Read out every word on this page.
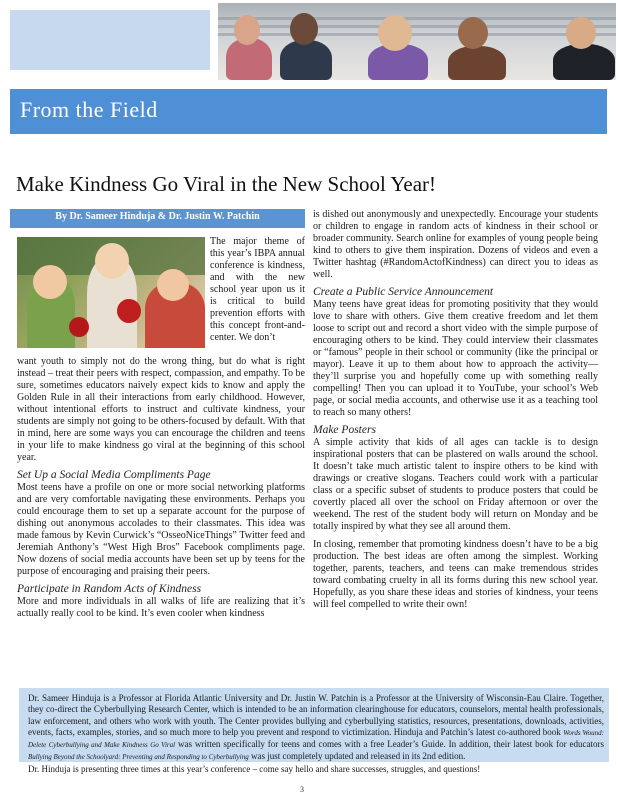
From the Field
Make Kindness Go Viral in the New School Year!
By Dr. Sameer Hinduja & Dr. Justin W. Patchin

The major theme of this year’s IBPA annual conference is kindness, and with the new school year upon us it is critical to build prevention efforts with this concept front-and-center. We don’t

want youth to simply not do the wrong thing, but do what is right instead – treat their peers with respect, compassion, and empathy. To be sure, sometimes educators naively expect kids to know and apply the Golden Rule in all their interactions from early childhood. However, without intentional efforts to instruct and cultivate kindness, your students are simply not going to be others-focused by default. With that in mind, here are some ways you can encourage the children and teens in your life to make kindness go viral at the beginning of this school year.

Set Up a Social Media Compliments Page

Most teens have a profile on one or more social networking platforms and are very comfortable navigating these environments. Perhaps you could encourage them to set up a separate account for the purpose of dishing out anonymous accolades to their classmates. This idea was made famous by Kevin Curwick’s “OsseoNiceThings” Twitter feed and Jeremiah Anthony’s “West High Bros” Facebook compliments page. Now dozens of social media accounts have been set up by teens for the purpose of encouraging and praising their peers.

Participate in Random Acts of Kindness

More and more individuals in all walks of life are realizing that it’s actually really cool to be kind. It’s even cooler when kindness

is dished out anonymously and unexpectedly. Encourage your students or children to engage in random acts of kindness in their school or broader community. Search online for examples of young people being kind to others to give them inspiration. Dozens of videos and even a Twitter hashtag (#RandomActofKindness) can direct you to ideas as well.

Create a Public Service Announcement

Many teens have great ideas for promoting positivity that they would love to share with others. Give them creative freedom and let them loose to script out and record a short video with the simple purpose of encouraging others to be kind. They could interview their classmates or “famous” people in their school or community (like the principal or mayor). Leave it up to them about how to approach the activity—they’ll surprise you and hopefully come up with something really compelling! Then you can upload it to YouTube, your school’s Web page, or social media accounts, and otherwise use it as a teaching tool to reach so many others!

Make Posters

A simple activity that kids of all ages can tackle is to design inspirational posters that can be plastered on walls around the school. It doesn’t take much artistic talent to inspire others to be kind with drawings or creative slogans. Teachers could work with a particular class or a specific subset of students to produce posters that could be covertly placed all over the school on Friday afternoon or over the weekend. The rest of the student body will return on Monday and be totally inspired by what they see all around them.

In closing, remember that promoting kindness doesn’t have to be a big production. The best ideas are often among the simplest. Working together, parents, teachers, and teens can make tremendous strides toward combating cruelty in all its forms during this new school year. Hopefully, as you share these ideas and stories of kindness, your teens will feel compelled to write their own!

Dr. Sameer Hinduja is a Professor at Florida Atlantic University and Dr. Justin W. Patchin is a Professor at the University of Wisconsin-Eau Claire. Together, they co-direct the Cyberbullying Research Center, which is intended to be an information clearinghouse for educators, counselors, mental health professionals, law enforcement, and others who work with youth. The Center provides bullying and cyberbullying statistics, resources, presentations, downloads, activities, events, facts, examples, stories, and so much more to help you prevent and respond to victimization. Hinduja and Patchin’s latest co-authored book Words Wound: Delete Cyberbullying and Make Kindness Go Viral was written specifically for teens and comes with a free Leader’s Guide. In addition, their latest book for educators Bullying Beyond the Schoolyard: Preventing and Responding to Cyberbullying was just completely updated and released in its 2nd edition.
Dr. Hinduja is presenting three times at this year’s conference – come say hello and share successes, struggles, and questions!
3
